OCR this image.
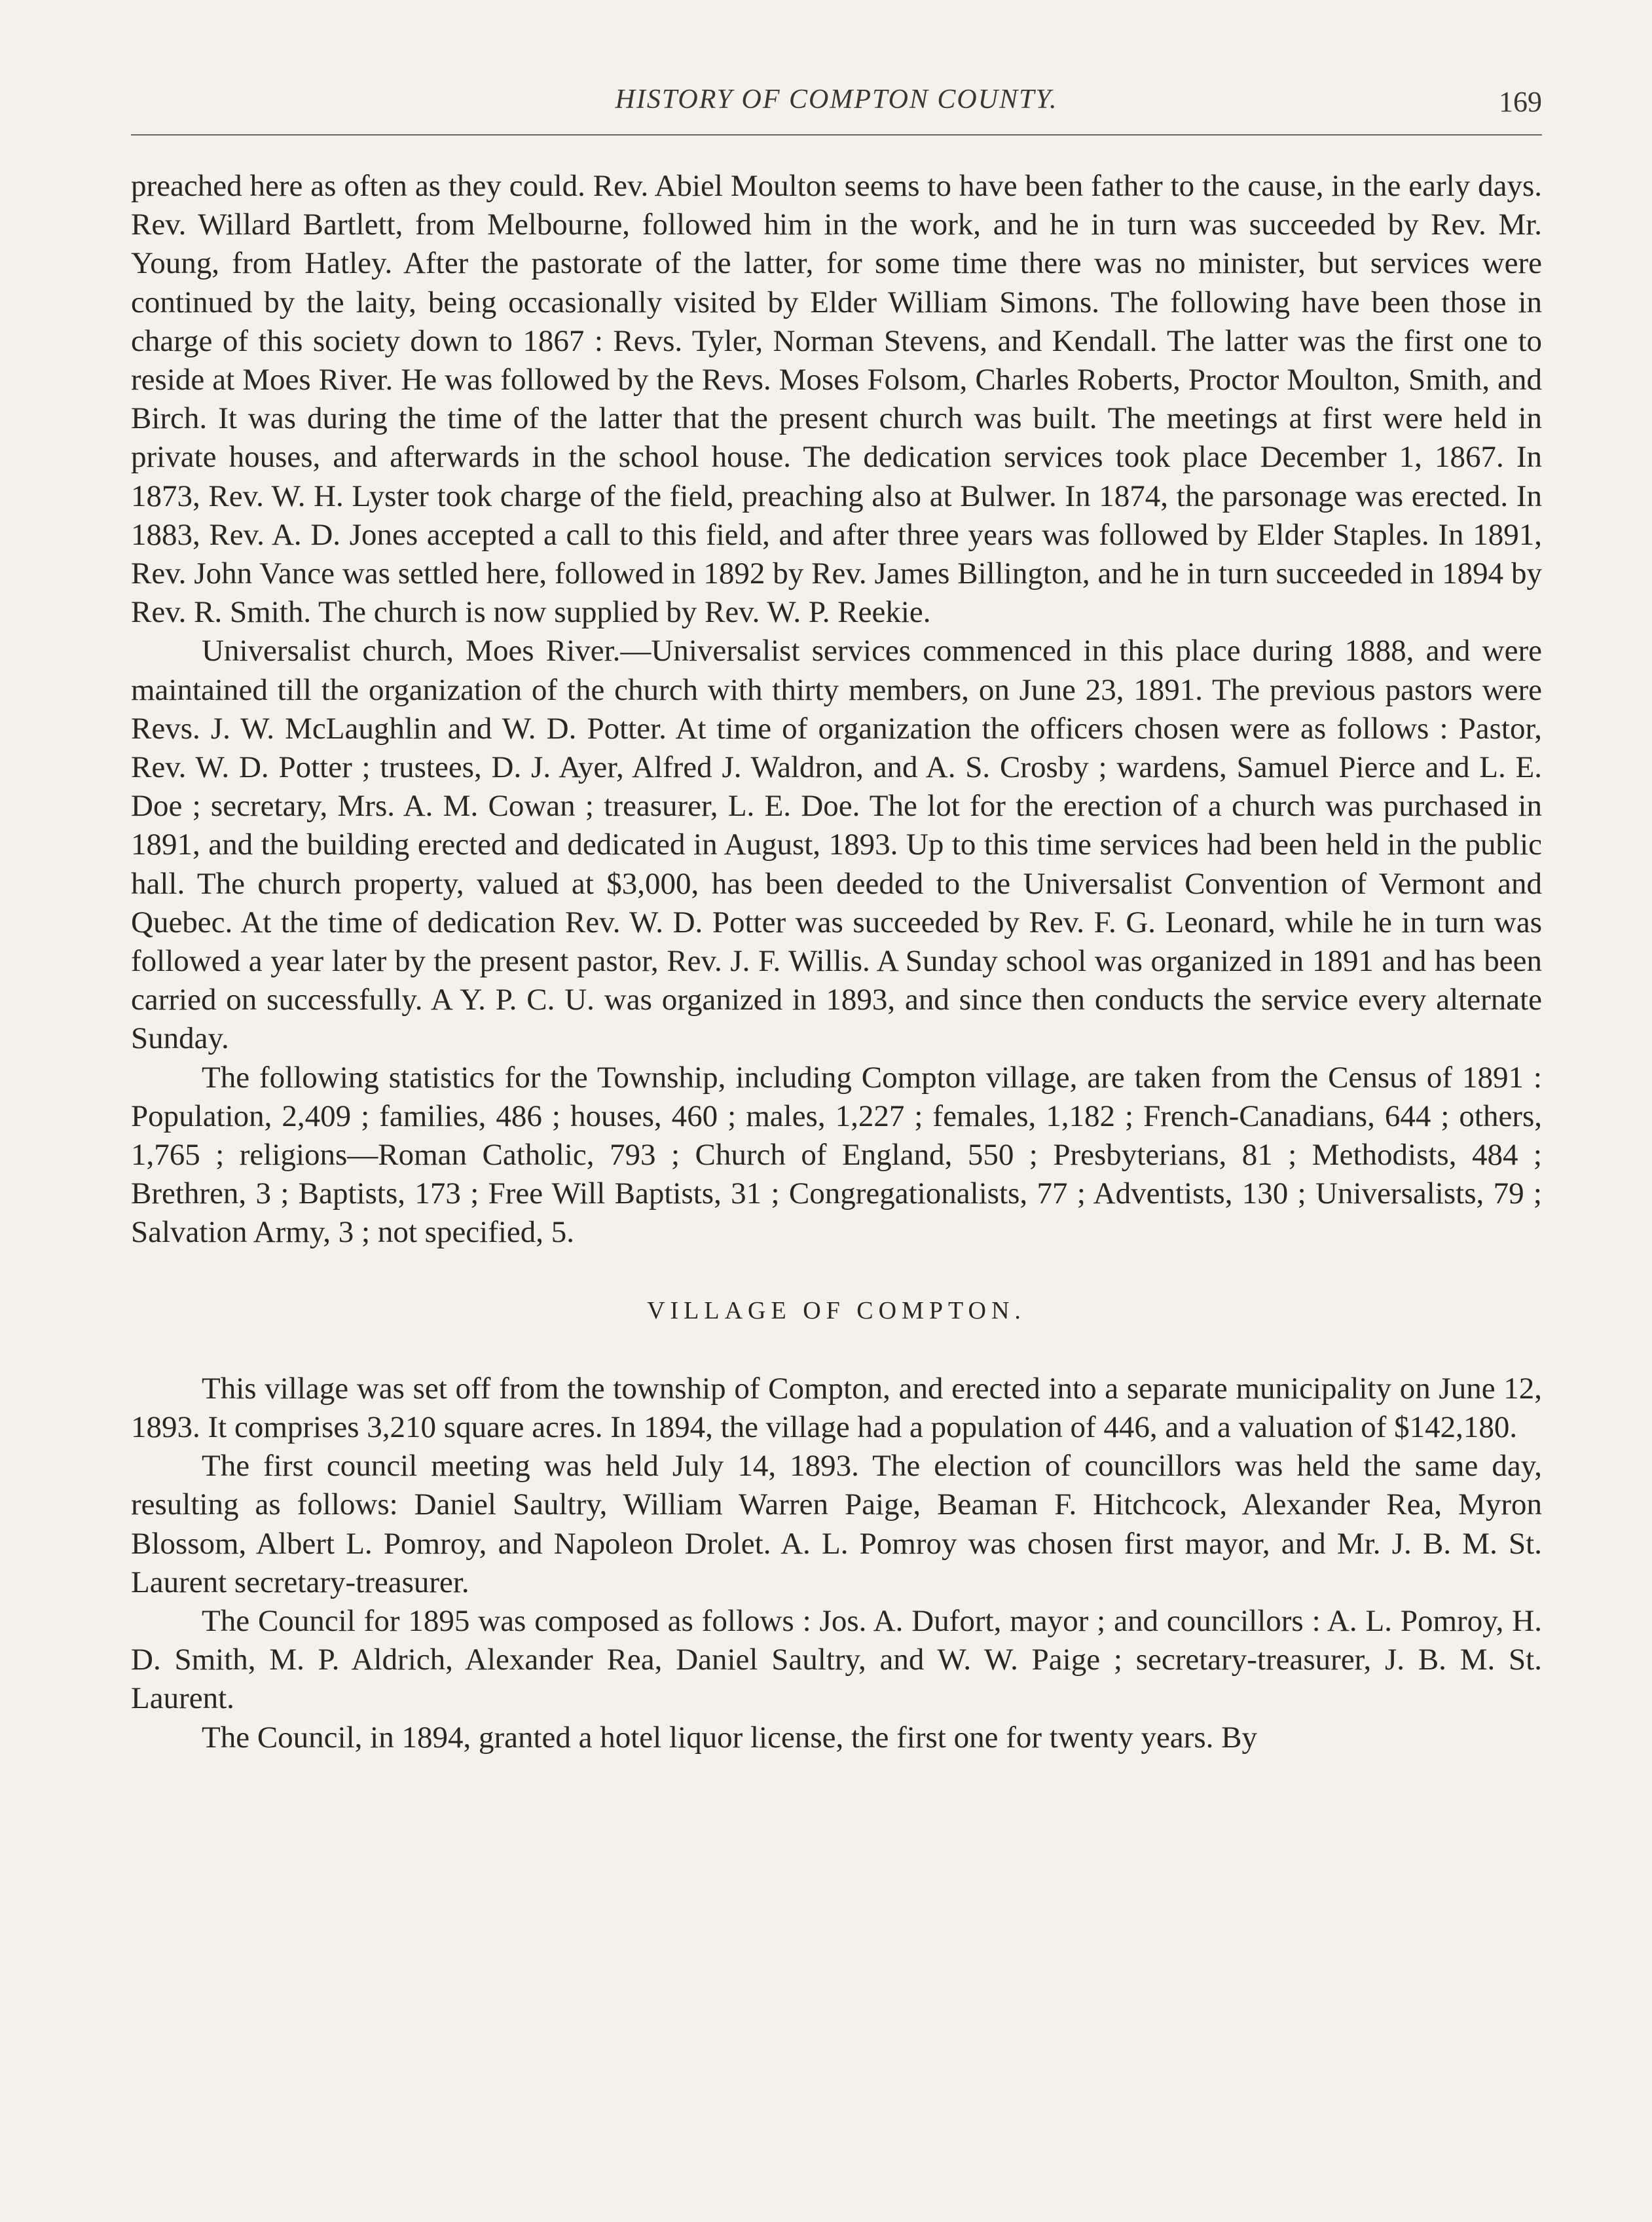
HISTORY OF COMPTON COUNTY.	169

preached here as often as they could. Rev. Abiel Moulton seems to have been father to the cause, in the early days. Rev. Willard Bartlett, from Melbourne, followed him in the work, and he in turn was succeeded by Rev. Mr. Young, from Hatley. After the pastorate of the latter, for some time there was no minister, but services were continued by the laity, being occasionally visited by Elder William Simons. The following have been those in charge of this society down to 1867 : Revs. Tyler, Norman Stevens, and Kendall. The latter was the first one to reside at Moes River. He was followed by the Revs. Moses Folsom, Charles Roberts, Proctor Moulton, Smith, and Birch. It was during the time of the latter that the present church was built. The meetings at first were held in private houses, and afterwards in the school house. The dedication services took place December 1, 1867. In 1873, Rev. W. H. Lyster took charge of the field, preaching also at Bulwer. In 1874, the parsonage was erected. In 1883, Rev. A. D. Jones accepted a call to this field, and after three years was followed by Elder Staples. In 1891, Rev. John Vance was settled here, followed in 1892 by Rev. James Billington, and he in turn succeeded in 1894 by Rev. R. Smith. The church is now supplied by Rev. W. P. Reekie.

Universalist church, Moes River.—Universalist services commenced in this place during 1888, and were maintained till the organization of the church with thirty members, on June 23, 1891. The previous pastors were Revs. J. W. McLaughlin and W. D. Potter. At time of organization the officers chosen were as follows : Pastor, Rev. W. D. Potter ; trustees, D. J. Ayer, Alfred J. Waldron, and A. S. Crosby ; wardens, Samuel Pierce and L. E. Doe ; secretary, Mrs. A. M. Cowan ; treasurer, L. E. Doe. The lot for the erection of a church was purchased in 1891, and the building erected and dedicated in August, 1893. Up to this time services had been held in the public hall. The church property, valued at $3,000, has been deeded to the Universalist Convention of Vermont and Quebec. At the time of dedication Rev. W. D. Potter was succeeded by Rev. F. G. Leonard, while he in turn was followed a year later by the present pastor, Rev. J. F. Willis. A Sunday school was organized in 1891 and has been carried on successfully. A Y. P. C. U. was organized in 1893, and since then conducts the service every alternate Sunday.

The following statistics for the Township, including Compton village, are taken from the Census of 1891 : Population, 2,409 ; families, 486 ; houses, 460 ; males, 1,227 ; females, 1,182 ; French-Canadians, 644 ; others, 1,765 ; religions—Roman Catholic, 793 ; Church of England, 550 ; Presbyterians, 81 ; Methodists, 484 ; Brethren, 3 ; Baptists, 173 ; Free Will Baptists, 31 ; Congregationalists, 77 ; Adventists, 130 ; Universalists, 79 ; Salvation Army, 3 ; not specified, 5.

VILLAGE OF COMPTON.

This village was set off from the township of Compton, and erected into a separate municipality on June 12, 1893. It comprises 3,210 square acres. In 1894, the village had a population of 446, and a valuation of $142,180.

The first council meeting was held July 14, 1893. The election of councillors was held the same day, resulting as follows: Daniel Saultry, William Warren Paige, Beaman F. Hitchcock, Alexander Rea, Myron Blossom, Albert L. Pomroy, and Napoleon Drolet. A. L. Pomroy was chosen first mayor, and Mr. J. B. M. St. Laurent secretary-treasurer.

The Council for 1895 was composed as follows : Jos. A. Dufort, mayor ; and councillors : A. L. Pomroy, H. D. Smith, M. P. Aldrich, Alexander Rea, Daniel Saultry, and W. W. Paige ; secretary-treasurer, J. B. M. St. Laurent.

The Council, in 1894, granted a hotel liquor license, the first one for twenty years. By
